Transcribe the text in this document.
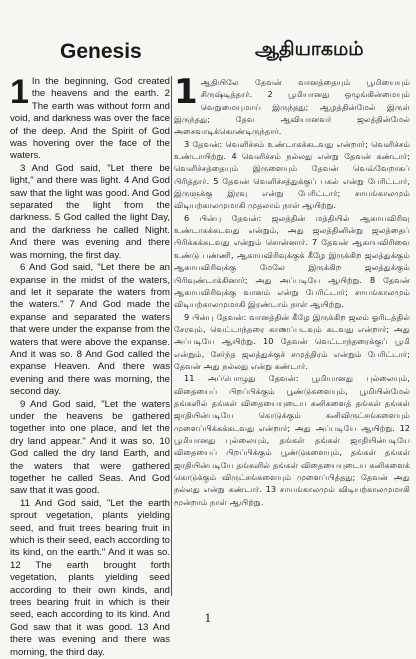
Genesis	ஆதியாகமம்
1 In the beginning, God created the heavens and the earth. 2 The earth was without form and void, and darkness was over the face of the deep. And the Spirit of God was hovering over the face of the waters.

3 And God said, "Let there be light," and there was light. 4 And God saw that the light was good. And God separated the light from the darkness. 5 God called the light Day, and the darkness he called Night. And there was evening and there was morning, the first day.

6 And God said, "Let there be an expanse in the midst of the waters, and let it separate the waters from the waters." 7 And God made the expanse and separated the waters that were under the expanse from the waters that were above the expanse. And it was so. 8 And God called the expanse Heaven. And there was evening and there was morning, the second day.

9 And God said, "Let the waters under the heavens be gathered together into one place, and let the dry land appear." And it was so. 10 God called the dry land Earth, and the waters that were gathered together he called Seas. And God saw that it was good.

11 And God said, "Let the earth sprout vegetation, plants yielding seed, and fruit trees bearing fruit in which is their seed, each according to its kind, on the earth." And it was so. 12 The earth brought forth vegetation, plants yielding seed according to their own kinds, and trees bearing fruit in which is their seed, each according to its kind. And God saw that it was good. 13 And there was evening and there was morning, the third day.

1 ஆதியிலே தேவன் வானத்தையும் பூமியையும் சிருஷ்டித்தார். 2 பூமியானது ஒழுங்கின்மையும் வெறுமையுமாய் இருந்தது; ஆழத்தின்மேல் இருள் இருந்தது; தேவ ஆவியானவர் ஜலத்தின்மேல் அசைவாடிக்கொண்டிருந்தார்.

3 தேவன்: வெளிச்சம் உண்டாகக்கடவது என்றார்; வெளிச்சம் உண்டாயிற்று. 4 வெளிச்சம் நல்லது என்று தேவன் கண்டார்; வெளிச்சத்தையும் இருளையும் தேவன் வெவ்வேறாகப் பிரித்தார். 5 தேவன் வெளிச்சத்துக்குப் பகல் என்று பேரிட்டார், இருளுக்கு இரவு என்று பேரிட்டார்; சாயங்காலமும் விடியற்காலமுமாகி முதலாம் நாள் ஆயிற்று.

6 பின்பு தேவன்: ஜலத்தின் மத்தியில் ஆகாயவிரிவு உண்டாகக்கடவது என்றும், அது ஜலத்தினின்று ஜலத்தைப் பிரிக்கக்கடவது என்றும் சொன்னார். 7 தேவன் ஆகாயவிரிவை உண்டு பண்ணி, ஆகாயவிரிவுக்குக் கீழே இருக்கிற ஜலத்துக்கும் ஆகாயவிரிவுக்கு மேலே இருக்கிற ஜலத்துக்கும் பிரிவுண்டாக்கினார்; அது அப்படியே ஆயிற்று. 8 தேவன் ஆகாயவிரிவுக்கு வானம் என்று பேரிட்டார்; சாயங்காலமும் விடியற்காலமுமாகி இரண்டாம் நாள் ஆயிற்று.

9 பின்பு தேவன்: வானத்தின் கீழே இருக்கிற ஜலம் ஓரிடத்தில் சேரவும், வெட்டாந்தரை காணப்படவும் கடவது என்றார்; அது அப்படியே ஆயிற்று. 10 தேவன் வெட்டாந்தரைக்குப் பூமி என்றும், சேர்ந்த ஜலத்துக்குச் சமுத்திரம் என்றும் பேரிட்டார்; தேவன் அது நல்லது என்று கண்டார்.

11 அப்பொழுது தேவன்: பூமியானது புல்லையும், விதையைப் பிறப்பிக்கும் பூண்டுகளையும், பூமியின்மேல் தங்களில் தங்கள் விதையையுடைய கனிகளைத் தங்கள் தங்கள் ஜாதியின்படியே கொடுக்கும் கனிவிருட்சங்களையும் முளைப்பிக்கக்கடவது என்றார்; அது அப்படியே ஆயிற்று. 12 பூமியானது புல்லையும், தங்கள் தங்கள் ஜாதியின்படியே விதையைப் பிறப்பிக்கும் பூண்டுகளையும், தங்கள் தங்கள் ஜாதியின்படியே தங்களில் தங்கள் விதையையுடைய கனிகளைக் கொடுக்கும் விருட்சங்களையும் முளைப்பித்தது; தேவன் அது நல்லது என்று கண்டார். 13 சாயங்காலமும் விடியற்காலமுமாகி மூன்றாம் நாள் ஆயிற்று.

1
